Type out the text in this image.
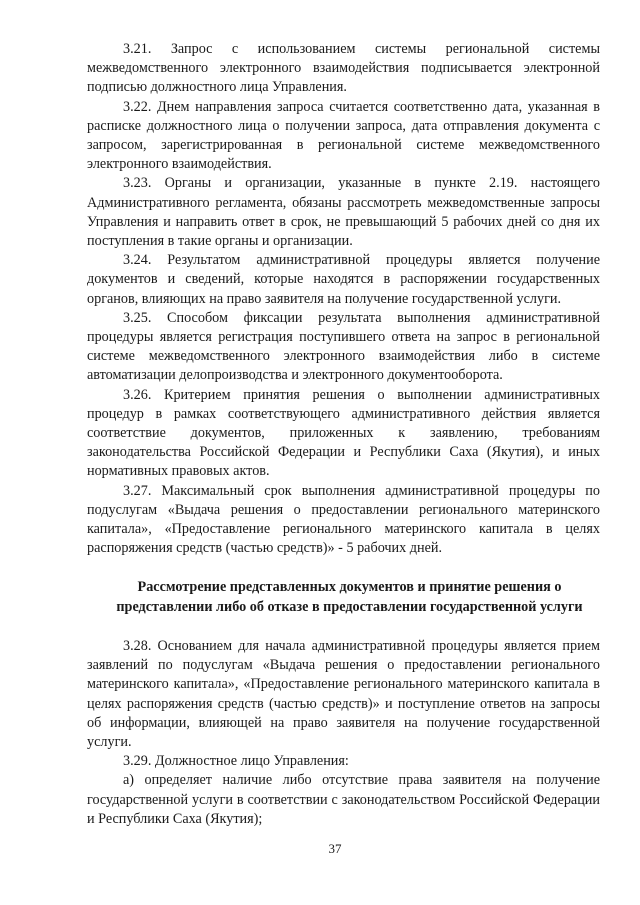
3.21. Запрос с использованием системы региональной системы межведомственного электронного взаимодействия подписывается электронной подписью должностного лица Управления.

3.22. Днем направления запроса считается соответственно дата, указанная в расписке должностного лица о получении запроса, дата отправления документа с запросом, зарегистрированная в региональной системе межведомственного электронного взаимодействия.

3.23. Органы и организации, указанные в пункте 2.19. настоящего Административного регламента, обязаны рассмотреть межведомственные запросы Управления и направить ответ в срок, не превышающий 5 рабочих дней со дня их поступления в такие органы и организации.

3.24. Результатом административной процедуры является получение документов и сведений, которые находятся в распоряжении государственных органов, влияющих на право заявителя на получение государственной услуги.

3.25. Способом фиксации результата выполнения административной процедуры является регистрация поступившего ответа на запрос в региональной системе межведомственного электронного взаимодействия либо в системе автоматизации делопроизводства и электронного документооборота.

3.26. Критерием принятия решения о выполнении административных процедур в рамках соответствующего административного действия является соответствие документов, приложенных к заявлению, требованиям законодательства Российской Федерации и Республики Саха (Якутия), и иных нормативных правовых актов.

3.27. Максимальный срок выполнения административной процедуры по подуслугам «Выдача решения о предоставлении регионального материнского капитала», «Предоставление регионального материнского капитала в целях распоряжения средств (частью средств)» - 5 рабочих дней.

Рассмотрение представленных документов и принятие решения о представлении либо об отказе в предоставлении государственной услуги

3.28. Основанием для начала административной процедуры является прием заявлений по подуслугам «Выдача решения о предоставлении регионального материнского капитала», «Предоставление регионального материнского капитала в целях распоряжения средств (частью средств)» и поступление ответов на запросы об информации, влияющей на право заявителя на получение государственной услуги.

3.29. Должностное лицо Управления:

а) определяет наличие либо отсутствие права заявителя на получение государственной услуги в соответствии с законодательством Российской Федерации и Республики Саха (Якутия);

37
